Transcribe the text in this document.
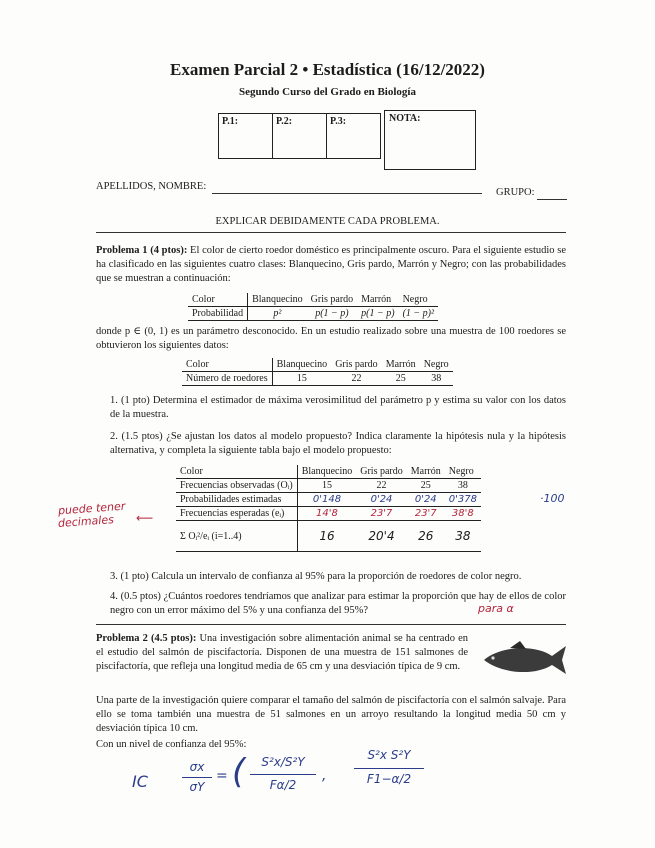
Examen Parcial 2 • Estadística (16/12/2022)
Segundo Curso del Grado en Biología
P.1:	P.2:	P.3:	NOTA:
APELLIDOS, NOMBRE:
GRUPO:
EXPLICAR DEBIDAMENTE CADA PROBLEMA.
Problema 1 (4 ptos): El color de cierto roedor doméstico es principalmente oscuro. Para el siguiente estudio se ha clasificado en las siguientes cuatro clases: Blanquecino, Gris pardo, Marrón y Negro; con las probabilidades que se muestran a continuación:
Color	Blanquecino	Gris pardo	Marrón	Negro
Probabilidad	p²	p(1 − p)	p(1 − p)	(1 − p)²
donde p ∈ (0, 1) es un parámetro desconocido. En un estudio realizado sobre una muestra de 100 roedores se obtuvieron los siguientes datos:
Color	Blanquecino	Gris pardo	Marrón	Negro
Número de roedores	15	22	25	38
1. (1 pto) Determina el estimador de máxima verosimilitud del parámetro p y estima su valor con los datos de la muestra.
2. (1.5 ptos) ¿Se ajustan los datos al modelo propuesto? Indica claramente la hipótesis nula y la hipótesis alternativa, y completa la siguiente tabla bajo el modelo propuesto:
Color	Blanquecino	Gris pardo	Marrón	Negro
Frecuencias observadas (Oᵢ)	15	22	25	38
Probabilidades estimadas	0'148	0'24	0'24	0'378
Frecuencias esperadas (eᵢ)	14'8	23'7	23'7	38'8
Σ Oᵢ²/eᵢ (i=1..4)	16	20'4	26	38
puede tener
decimales ⟵
·100
3. (1 pto) Calcula un intervalo de confianza al 95% para la proporción de roedores de color negro.
4. (0.5 ptos) ¿Cuántos roedores tendríamos que analizar para estimar la proporción que hay de ellos de color negro con un error máximo del 5% y una confianza del 95%?	para α
Problema 2 (4.5 ptos): Una investigación sobre alimentación animal se ha centrado en el estudio del salmón de piscifactoría. Disponen de una muestra de 151 salmones de piscifactoría, que refleja una longitud media de 65 cm y una desviación típica de 9 cm.
Una parte de la investigación quiere comparar el tamaño del salmón de piscifactoría con el salmón salvaje. Para ello se toma también una muestra de 51 salmones en un arroyo resultando la longitud media 50 cm y desviación típica 10 cm.
Con un nivel de confianza del 95%:
IC
σx
σY
= (	S²x/S²Y
Fα/2
,
S²x S²Y
F1−α/2
